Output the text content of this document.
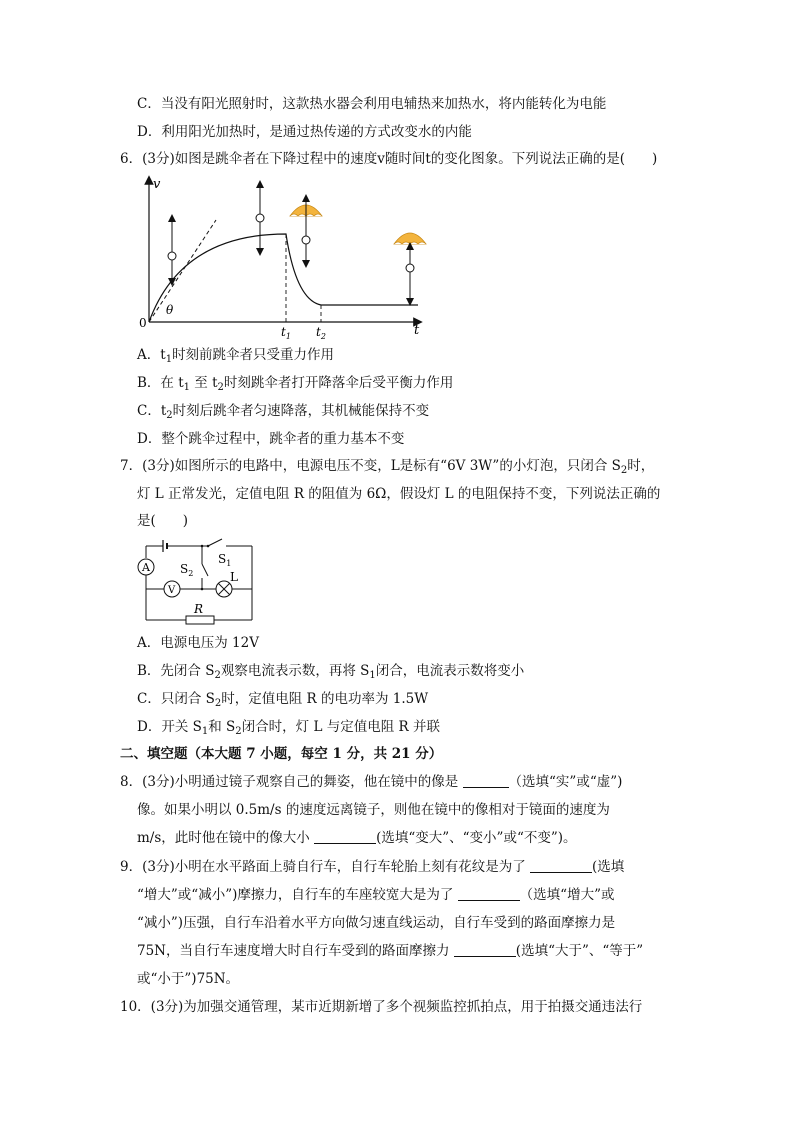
C．当没有阳光照射时，这款热水器会利用电辅热来加热水，将内能转化为电能
D．利用阳光加热时，是通过热传递的方式改变水的内能
6．(3分)如图是跳伞者在下降过程中的速度v随时间t的变化图象。下列说法正确的是(　　)
v
t
0
θ
$t_1$ $t_2$
A．$t_1$时刻前跳伞者只受重力作用
B．在 $t_1$ 至 $t_2$时刻跳伞者打开降落伞后受平衡力作用
C．$t_2$时刻后跳伞者匀速降落，其机械能保持不变
D．整个跳伞过程中，跳伞者的重力基本不变
7．(3分)如图所示的电路中，电源电压不变，L是标有“6V 3W”的小灯泡，只闭合 $S_2$时，
灯 L 正常发光，定值电阻 R 的阻值为 6Ω，假设灯 L 的电阻保持不变，下列说法正确的
是(　　)
$S_1$
A
R
V
L
$S_2$
A．电源电压为 12V
B．先闭合 $S_2$观察电流表示数，再将 $S_1$闭合，电流表示数将变小
C．只闭合 $S_2$时，定值电阻 R 的电功率为 1.5W
D．开关 $S_1$和 $S_2$闭合时，灯 L 与定值电阻 R 并联
二、填空题（本大题 7 小题，每空 1 分，共 21 分）
8．(3分)小明通过镜子观察自己的舞姿，他在镜中的像是	（选填“实”或“虚”)
像。如果小明以 0.5m/s 的速度远离镜子，则他在镜中的像相对于镜面的速度为
m/s，此时他在镜中的像大小	(选填“变大”、“变小”或“不变”)。
9．(3分)小明在水平路面上骑自行车，自行车轮胎上刻有花纹是为了	(选填
“增大”或“减小”)摩擦力，自行车的车座较宽大是为了	（选填“增大”或
“减小”)压强，自行车沿着水平方向做匀速直线运动，自行车受到的路面摩擦力是
75N，当自行车速度增大时自行车受到的路面摩擦力	(选填“大于”、“等于”
或“小于”)75N。
10．(3分)为加强交通管理，某市近期新增了多个视频监控抓拍点，用于拍摄交通违法行
